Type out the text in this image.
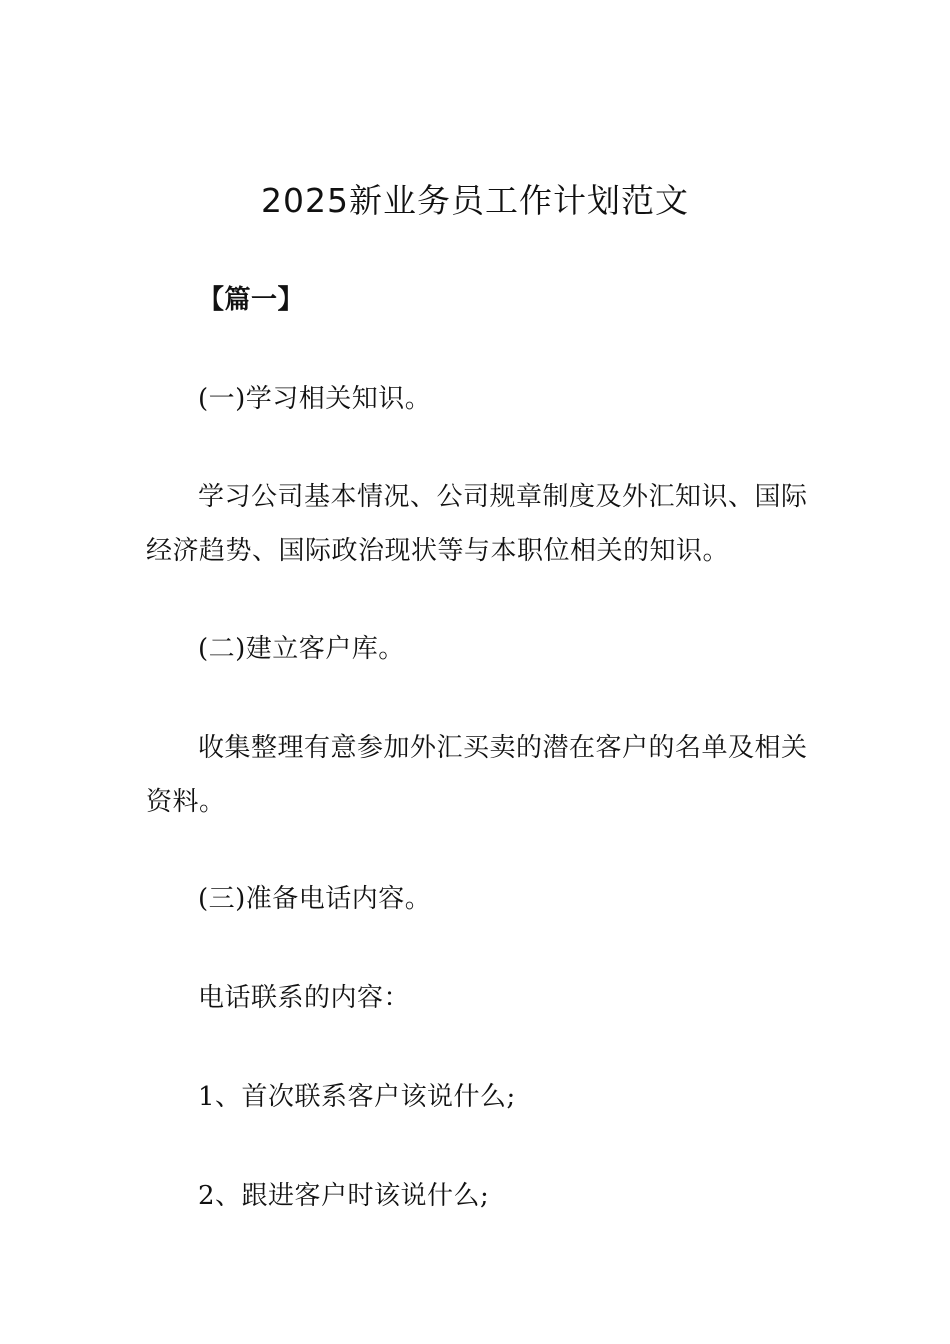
2025新业务员工作计划范文

【篇一】

(一)学习相关知识。

学习公司基本情况、公司规章制度及外汇知识、国际经济趋势、国际政治现状等与本职位相关的知识。

(二)建立客户库。

收集整理有意参加外汇买卖的潜在客户的名单及相关资料。

(三)准备电话内容。

电话联系的内容：

1、首次联系客户该说什么;

2、跟进客户时该说什么;
